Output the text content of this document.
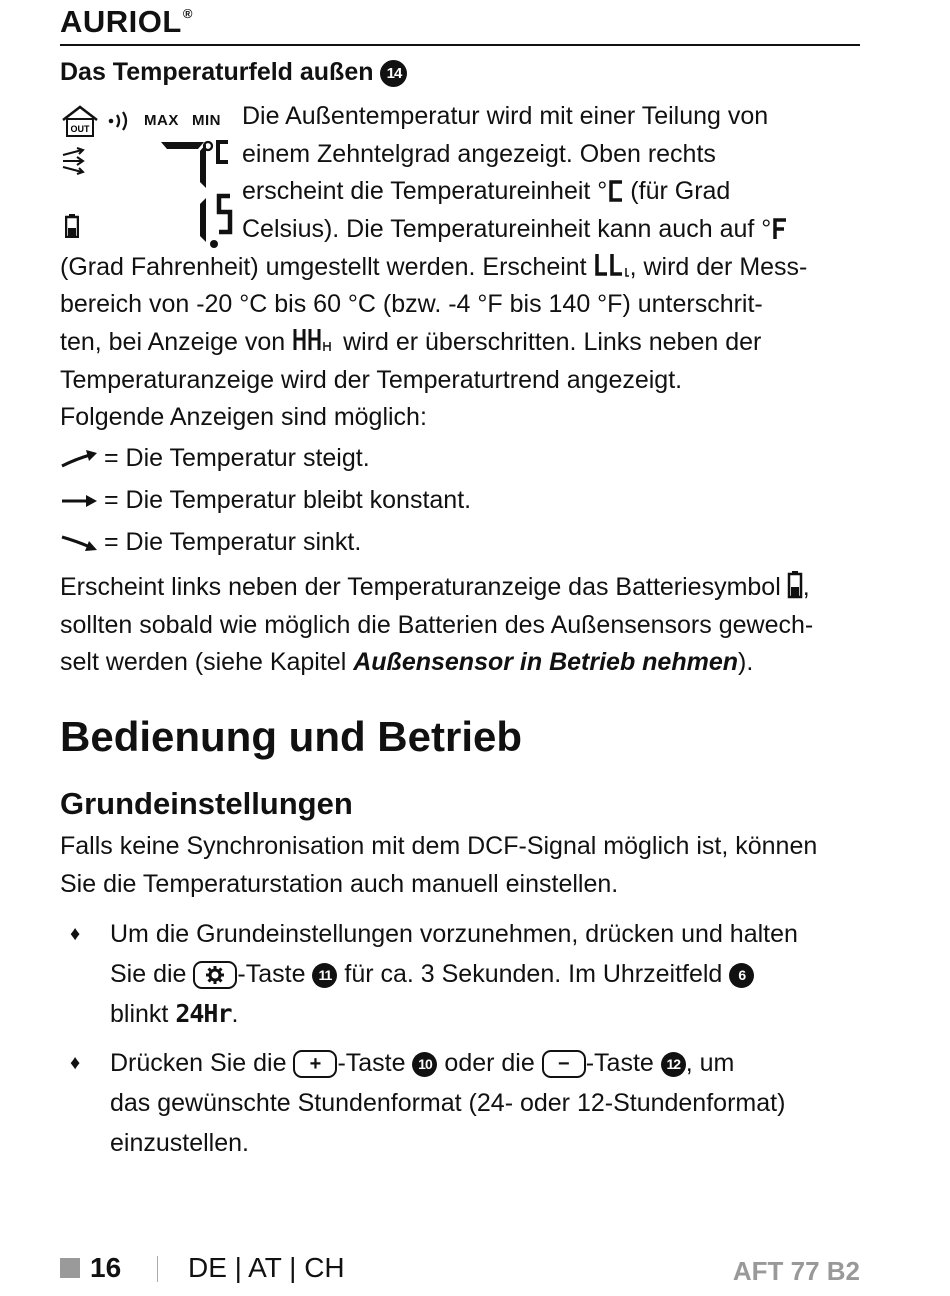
AURIOL®
Das Temperaturfeld außen 14
OUT	MAX MIN Die Außentemperatur wird mit einer Teilung von
einem Zehntelgrad angezeigt. Oben rechts
erscheint die Temperatureinheit ° (für Grad
Celsius). Die Temperatureinheit kann auch auf °
(Grad Fahrenheit) umgestellt werden. Erscheint , wird der Mess-
bereich von -20 °C bis 60 °C (bzw. -4 °F bis 140 °F) unterschrit-
ten, bei Anzeige von  wird er überschritten. Links neben der
Temperaturanzeige wird der Temperaturtrend angezeigt.
Folgende Anzeigen sind möglich:
= Die Temperatur steigt.
= Die Temperatur bleibt konstant.
= Die Temperatur sinkt.
Erscheint links neben der Temperaturanzeige das Batteriesymbol ,
sollten sobald wie möglich die Batterien des Außensensors gewech-
selt werden (siehe Kapitel Außensensor in Betrieb nehmen).
Bedienung und Betrieb
Grundeinstellungen
Falls keine Synchronisation mit dem DCF-Signal möglich ist, können
Sie die Temperaturstation auch manuell einstellen.
♦ Um die Grundeinstellungen vorzunehmen, drücken und halten
Sie die
-Taste 11 für ca. 3 Sekunden. Im Uhrzeitfeld 6
blinkt 24Hr.
♦ Drücken Sie die + -Taste 10 oder die − -Taste 12 , um
das gewünschte Stundenformat (24- oder 12-Stundenformat)
einzustellen.
16 DE | AT | CH	AFT 77 B2
